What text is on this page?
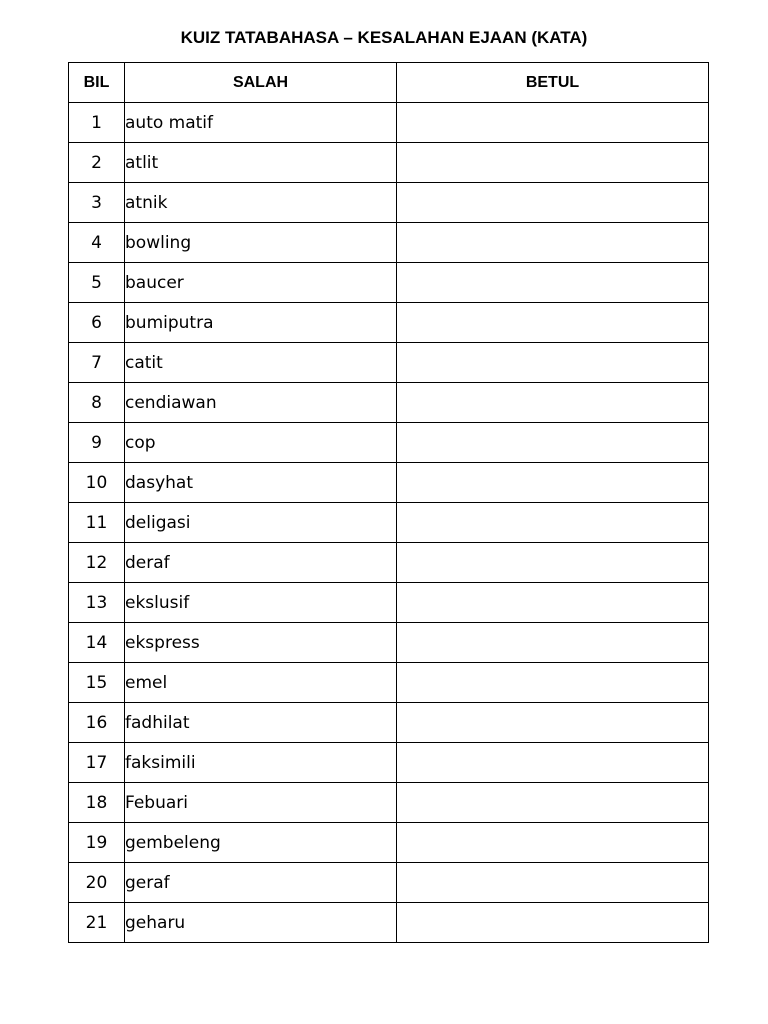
KUIZ TATABAHASA – KESALAHAN EJAAN (KATA)
BIL	SALAH	BETUL
1	auto matif	
2	atlit	
3	atnik	
4	bowling	
5	baucer	
6	bumiputra	
7	catit	
8	cendiawan	
9	cop	
10	dasyhat	
11	deligasi	
12	deraf	
13	ekslusif	
14	ekspress	
15	emel	
16	fadhilat	
17	faksimili	
18	Febuari	
19	gembeleng	
20	geraf	
21	geharu	
